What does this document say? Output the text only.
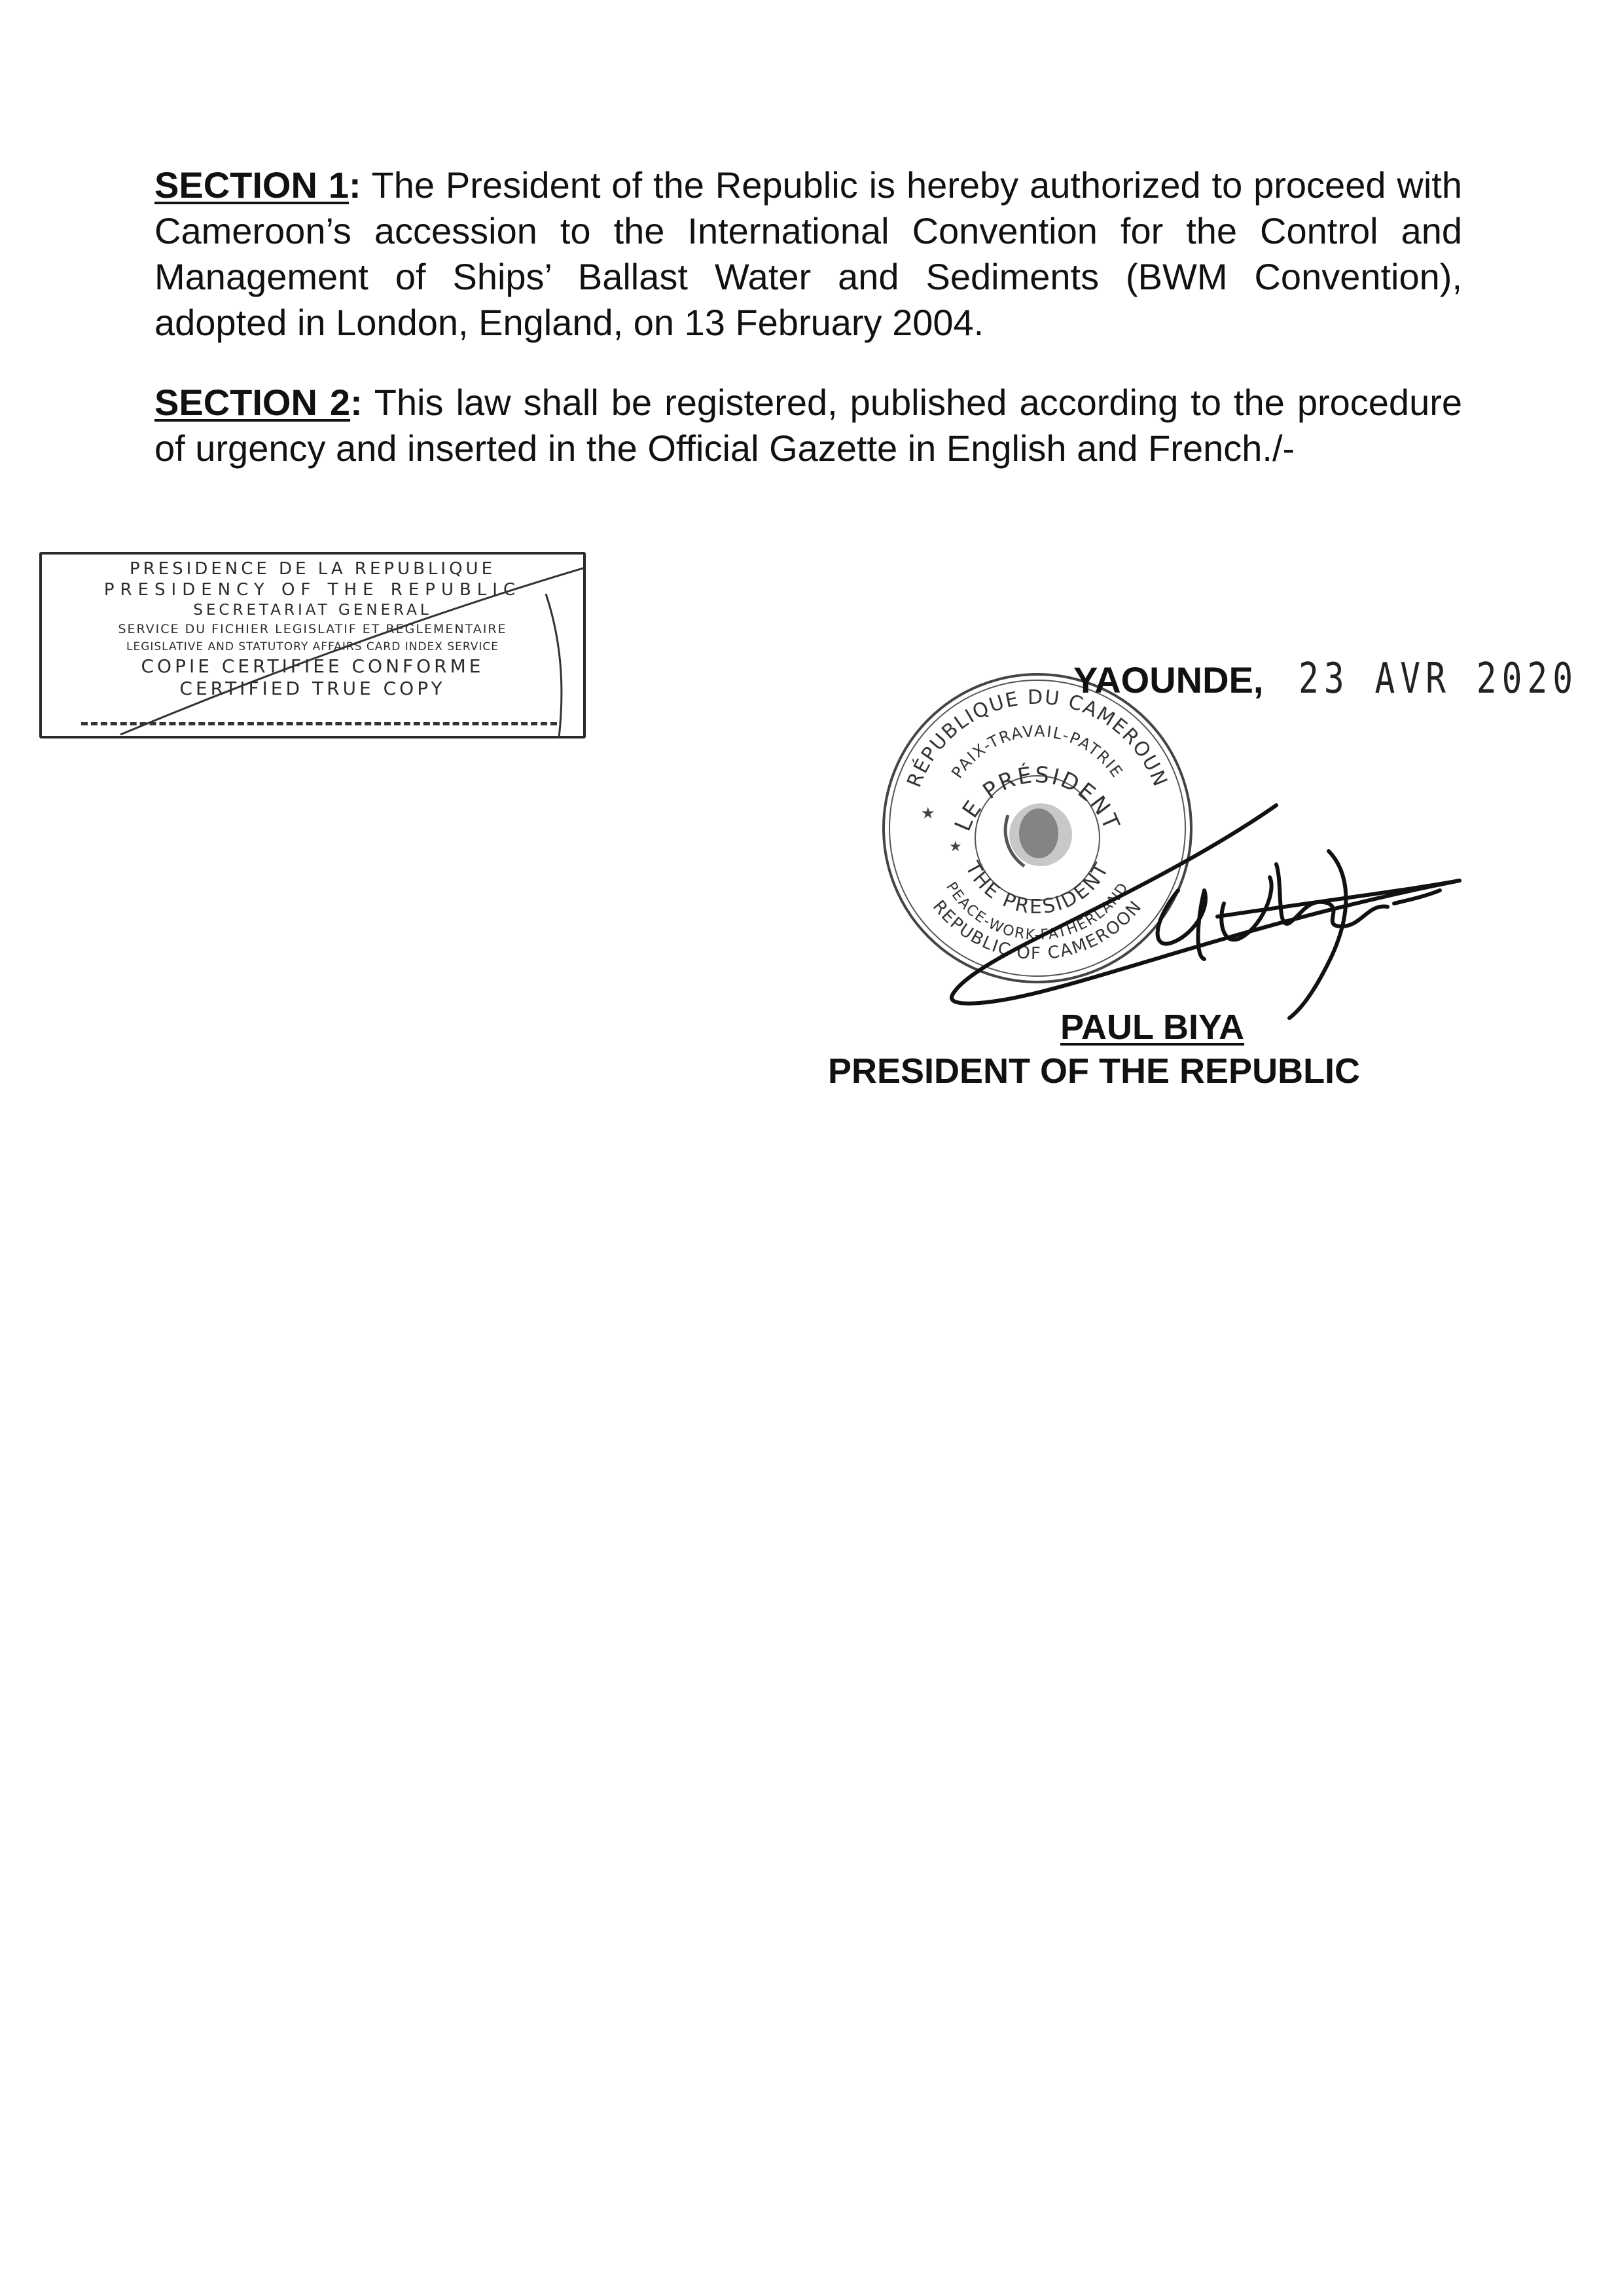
SECTION 1: The President of the Republic is hereby authorized to proceed with Cameroon’s accession to the International Convention for the Control and Management of Ships’ Ballast Water and Sediments (BWM Convention), adopted in London, England, on 13 February 2004.
SECTION 2: This law shall be registered, published according to the procedure of urgency and inserted in the Official Gazette in English and French./-
PRESIDENCE DE LA REPUBLIQUE
PRESIDENCY OF THE REPUBLIC
SECRETARIAT GENERAL
SERVICE DU FICHIER LEGISLATIF ET REGLEMENTAIRE
LEGISLATIVE AND STATUTORY AFFAIRS CARD INDEX SERVICE
COPIE CERTIFIEE CONFORME
CERTIFIED TRUE COPY
RÉPUBLIQUE DU CAMEROUN
PAIX-TRAVAIL-PATRIE
LE PRÉSIDENT
THE PRESIDENT
PEACE-WORK-FATHERLAND
REPUBLIC OF CAMEROON
★
★
YAOUNDE, 23 AVR 2020
PAUL BIYA
PRESIDENT OF THE REPUBLIC
